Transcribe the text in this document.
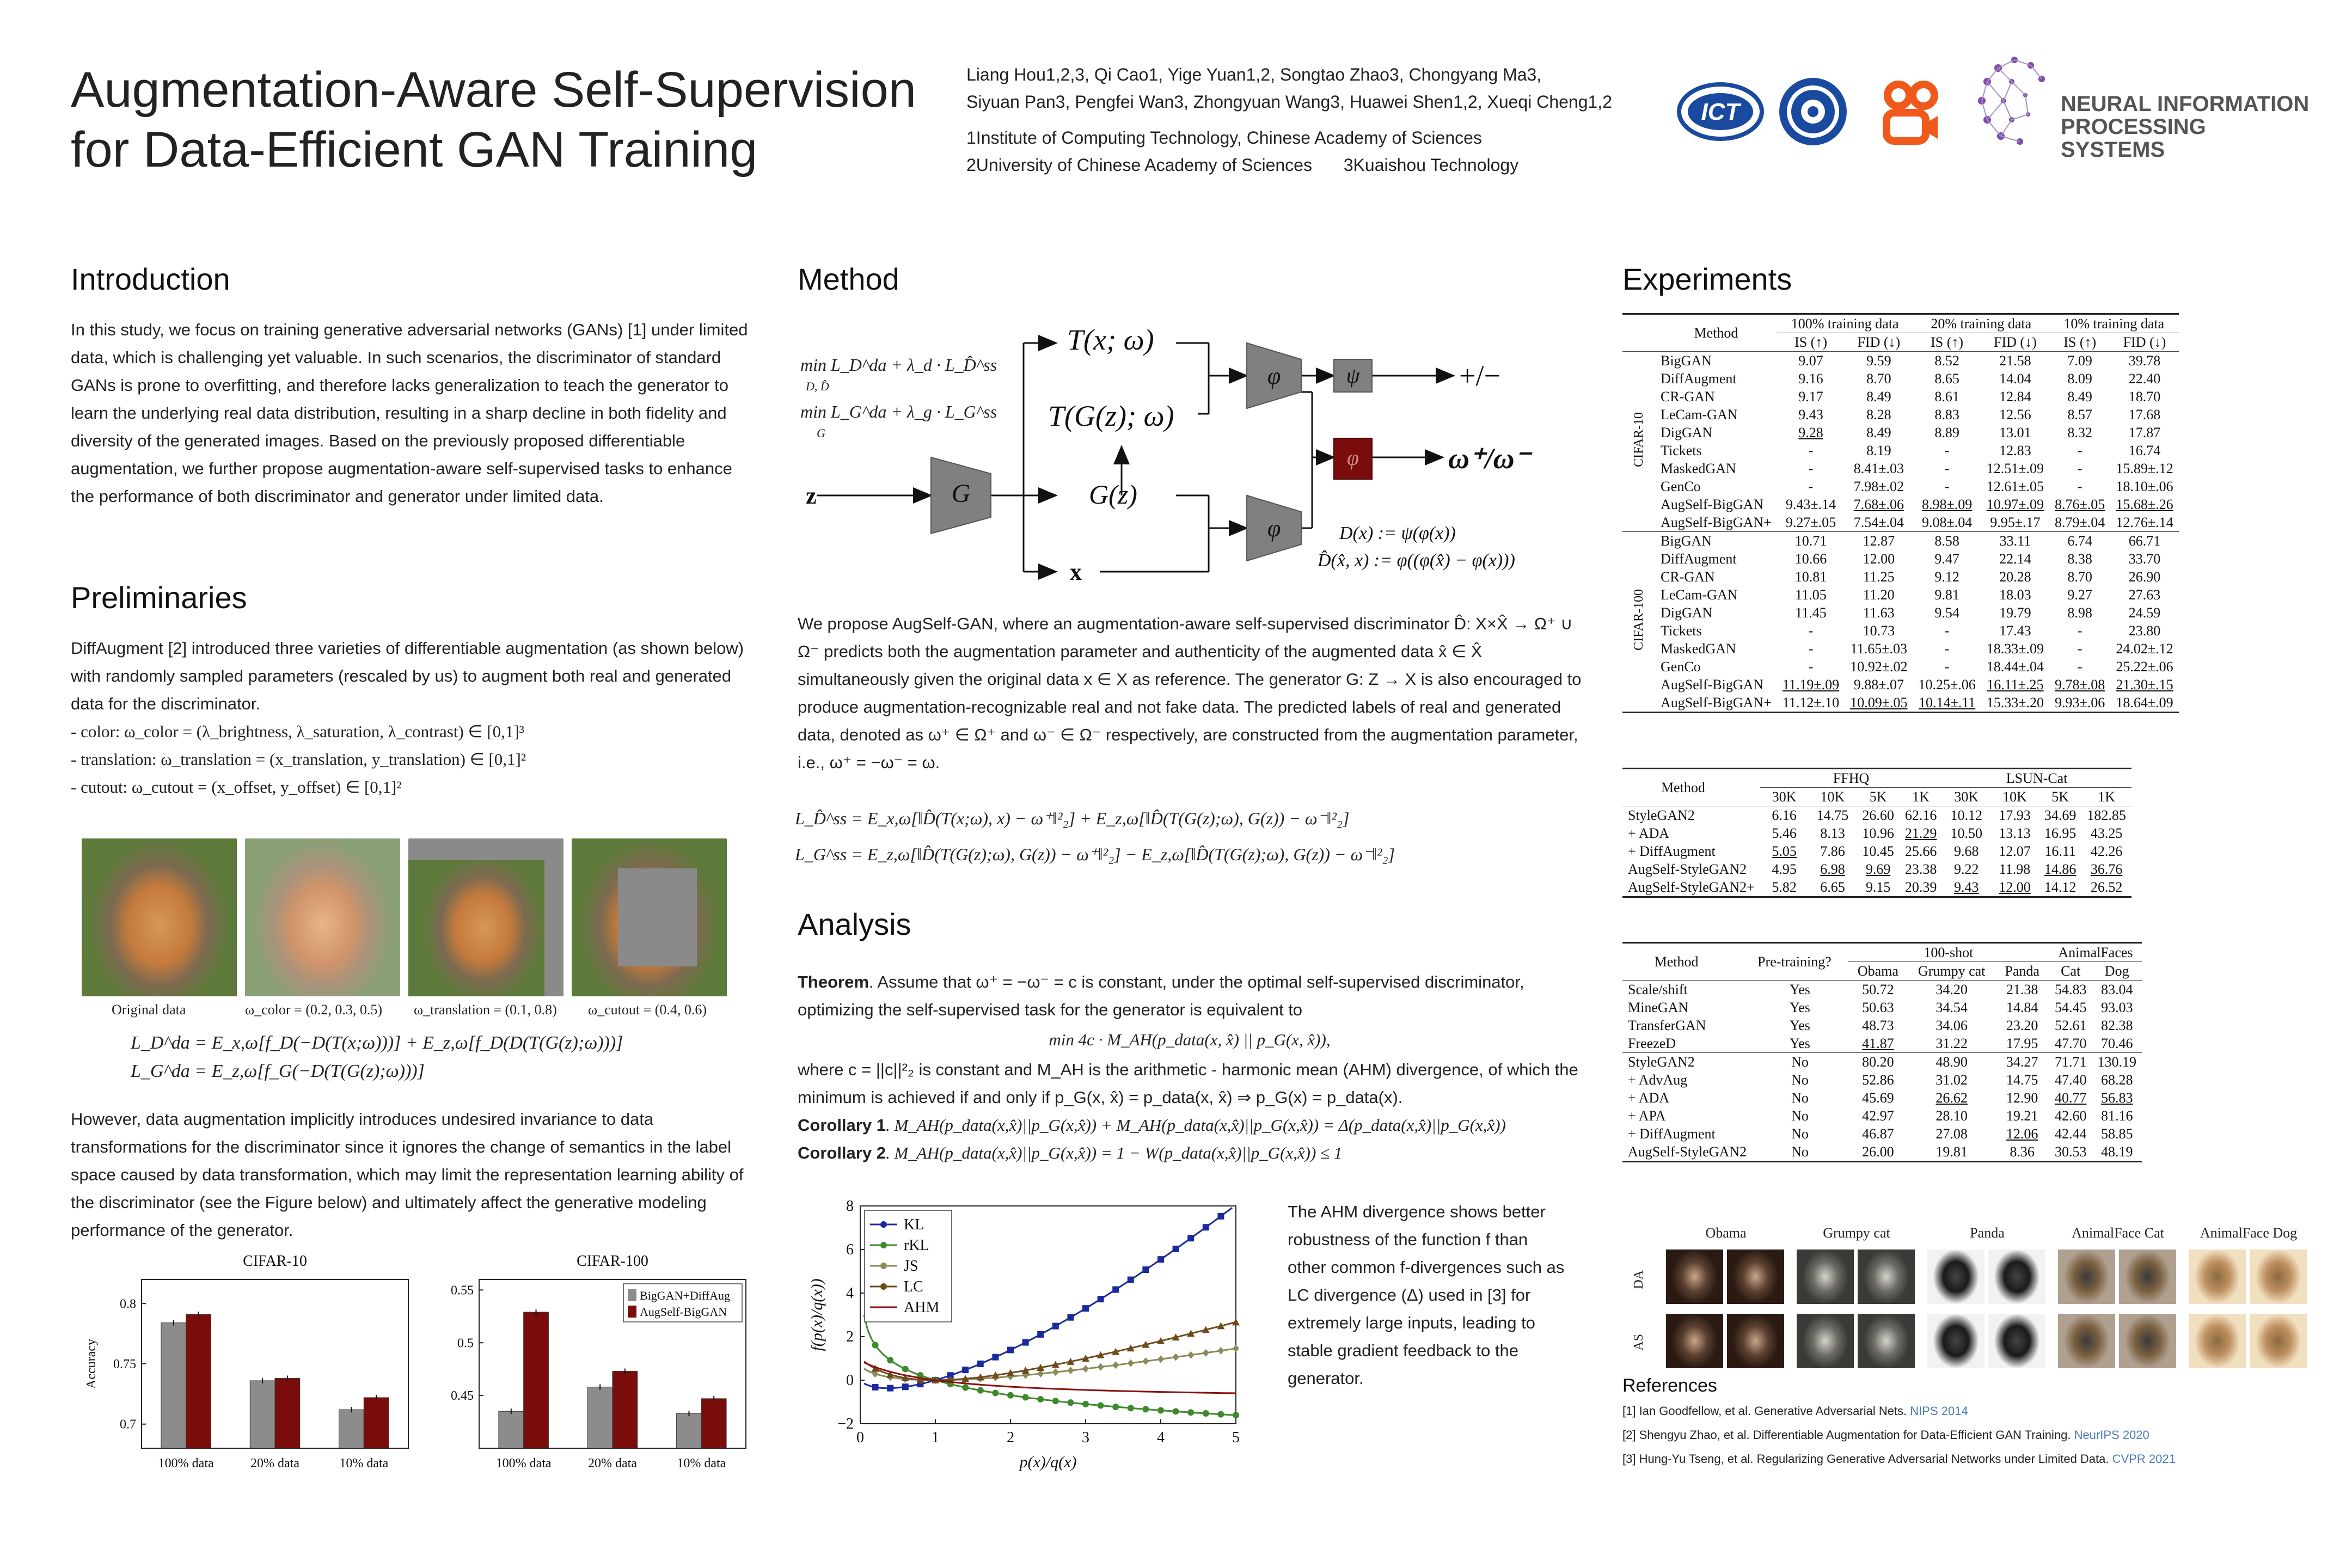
Augmentation-Aware Self-Supervision
for Data-Efficient GAN Training
Liang Hou1,2,3, Qi Cao1, Yige Yuan1,2, Songtao Zhao3, Chongyang Ma3,
Siyuan Pan3, Pengfei Wan3, Zhongyuan Wang3, Huawei Shen1,2, Xueqi Cheng1,2
1Institute of Computing Technology, Chinese Academy of Sciences
2University of Chinese Academy of Sciences 3Kuaishou Technology
ICT	NEURAL INFORMATION PROCESSING SYSTEMS
Introduction
In this study, we focus on training generative adversarial networks (GANs) [1] under limited data, which is challenging yet valuable. In such scenarios, the discriminator of standard GANs is prone to overfitting, and therefore lacks generalization to teach the generator to learn the underlying real data distribution, resulting in a sharp decline in both fidelity and diversity of the generated images. Based on the previously proposed differentiable augmentation, we further propose augmentation-aware self-supervised tasks to enhance the performance of both discriminator and generator under limited data.
Preliminaries

DiffAugment [2] introduced three varieties of differentiable augmentation (as shown below) with randomly sampled parameters (rescaled by us) to augment both real and generated data for the discriminator.

- color: ω_color = (λ_brightness, λ_saturation, λ_contrast) ∈ [0,1]³

- translation: ω_translation = (x_translation, y_translation) ∈ [0,1]²

- cutout: ω_cutout = (x_offset, y_offset) ∈ [0,1]²

Original data	ω_color = (0.2, 0.3, 0.5) ω_translation = (0.1, 0.8) ω_cutout = (0.4, 0.6)
L_D^da = E_x,ω[f_D(−D(T(x;ω)))] + E_z,ω[f_D(D(T(G(z);ω)))]
L_G^da = E_z,ω[f_G(−D(T(G(z);ω)))]
However, data augmentation implicitly introduces undesired invariance to data transformations for the discriminator since it ignores the change of semantics in the label space caused by data transformation, which may limit the representation learning ability of the discriminator (see the Figure below) and ultimately affect the generative modeling performance of the generator.
CIFAR-10
0.7
0.75
0.8
Accuracy
100% data	20% data	10% data
CIFAR-100
0.45
0.5
0.55
100% data	20% data	10% data
BigGAN+DiffAug
AugSelf-BigGAN
Method
min L_D^da + λ_d · L_D̂^ss
D, D̂
min L_G^da + λ_g · L_G^ss
G
G
φ
φ
ψ
φ
z
T(x; ω)
T(G(z); ω)
G(z)
x
+/−
ω⁺/ω⁻
D(x) := ψ(φ(x))
D̂(x̂, x) := φ((φ(x̂) − φ(x)))
We propose AugSelf-GAN, where an augmentation-aware self-supervised discriminator D̂: X×X̂ → Ω⁺ ∪ Ω⁻ predicts both the augmentation parameter and authenticity of the augmented data x̂ ∈ X̂ simultaneously given the original data x ∈ X as reference. The generator G: Z → X is also encouraged to produce augmentation-recognizable real and not fake data. The predicted labels of real and generated data, denoted as ω⁺ ∈ Ω⁺ and ω⁻ ∈ Ω⁻ respectively, are constructed from the augmentation parameter, i.e., ω⁺ = −ω⁻ = ω.
L_D̂^ss = E_x,ω[‖D̂(T(x;ω), x) − ω⁺‖²₂] + E_z,ω[‖D̂(T(G(z);ω), G(z)) − ω⁻‖²₂]
L_G^ss = E_z,ω[‖D̂(T(G(z);ω), G(z)) − ω⁺‖²₂] − E_z,ω[‖D̂(T(G(z);ω), G(z)) − ω⁻‖²₂]
Analysis

Theorem. Assume that ω⁺ = −ω⁻ = c is constant, under the optimal self-supervised discriminator, optimizing the self-supervised task for the generator is equivalent to

min 4c · M_AH(p_data(x, x̂) || p_G(x, x̂)),

where c = ||c||²₂ is constant and M_AH is the arithmetic - harmonic mean (AHM) divergence, of which the minimum is achieved if and only if p_G(x, x̂) = p_data(x, x̂) ⇒ p_G(x) = p_data(x).

Corollary 1. M_AH(p_data(x,x̂)||p_G(x,x̂)) + M_AH(p_data(x,x̂)||p_G(x,x̂)) = Δ(p_data(x,x̂)||p_G(x,x̂))

Corollary 2. M_AH(p_data(x,x̂)||p_G(x,x̂)) = 1 − W(p_data(x,x̂)||p_G(x,x̂)) ≤ 1

0	1	2	3	4	5
−2
0
2
4
6
8
p(x)/q(x)
f(p(x)/q(x))
KL
rKL
JS
LC
AHM
The AHM divergence shows better robustness of the function f than other common f-divergences such as LC divergence (Δ) used in [3] for extremely large inputs, leading to stable gradient feedback to the generator.
Experiments
Method		100% training data		20% training data		10% training data	
		IS (↑)	FID (↓)	IS (↑)	FID (↓)	IS (↑)	FID (↓)
CIFAR-10	BigGAN	9.07	9.59	8.52	21.58	7.09	39.78
	DiffAugment	9.16	8.70	8.65	14.04	8.09	22.40
	CR-GAN	9.17	8.49	8.61	12.84	8.49	18.70
	LeCam-GAN	9.43	8.28	8.83	12.56	8.57	17.68
	DigGAN	9.28	8.49	8.89	13.01	8.32	17.87
	Tickets	-	8.19	-	12.83	-	16.74
	MaskedGAN	-	8.41±.03	-	12.51±.09	-	15.89±.12
	GenCo	-	7.98±.02	-	12.61±.05	-	18.10±.06
	AugSelf-BigGAN	9.43±.14	7.68±.06	8.98±.09	10.97±.09	8.76±.05	15.68±.26
	AugSelf-BigGAN+	9.27±.05	7.54±.04	9.08±.04	9.95±.17	8.79±.04	12.76±.14
CIFAR-100	BigGAN	10.71	12.87	8.58	33.11	6.74	66.71
	DiffAugment	10.66	12.00	9.47	22.14	8.38	33.70
	CR-GAN	10.81	11.25	9.12	20.28	8.70	26.90
	LeCam-GAN	11.05	11.20	9.81	18.03	9.27	27.63
	DigGAN	11.45	11.63	9.54	19.79	8.98	24.59
	Tickets	-	10.73	-	17.43	-	23.80
	MaskedGAN	-	11.65±.03	-	18.33±.09	-	24.02±.12
	GenCo	-	10.92±.02	-	18.44±.04	-	25.22±.06
	AugSelf-BigGAN	11.19±.09	9.88±.07	10.25±.06	16.11±.25	9.78±.08	21.30±.15
	AugSelf-BigGAN+	11.12±.10	10.09±.05	10.14±.11	15.33±.20	9.93±.06	18.64±.09
Method	FFHQ				LSUN-Cat			
	30K	10K	5K	1K	30K	10K	5K	1K
StyleGAN2	6.16	14.75	26.60	62.16	10.12	17.93	34.69	182.85
+ ADA	5.46	8.13	10.96	21.29	10.50	13.13	16.95	43.25
+ DiffAugment	5.05	7.86	10.45	25.66	9.68	12.07	16.11	42.26
AugSelf-StyleGAN2	4.95	6.98	9.69	23.38	9.22	11.98	14.86	36.76
AugSelf-StyleGAN2+	5.82	6.65	9.15	20.39	9.43	12.00	14.12	26.52
Method	Pre-training?	100-shot			AnimalFaces	
		Obama	Grumpy cat	Panda	Cat	Dog
Scale/shift	Yes	50.72	34.20	21.38	54.83	83.04
MineGAN	Yes	50.63	34.54	14.84	54.45	93.03
TransferGAN	Yes	48.73	34.06	23.20	52.61	82.38
FreezeD	Yes	41.87	31.22	17.95	47.70	70.46
StyleGAN2	No	80.20	48.90	34.27	71.71	130.19
+ AdvAug	No	52.86	31.02	14.75	47.40	68.28
+ ADA	No	45.69	26.62	12.90	40.77	56.83
+ APA	No	42.97	28.10	19.21	42.60	81.16
+ DiffAugment	No	46.87	27.08	12.06	42.44	58.85
AugSelf-StyleGAN2	No	26.00	19.81	8.36	30.53	48.19
Obama	Grumpy cat	Panda	AnimalFace Cat	AnimalFace Dog
DA
AS
References
[1] Ian Goodfellow, et al. Generative Adversarial Nets. NIPS 2014
[2] Shengyu Zhao, et al. Differentiable Augmentation for Data-Efficient GAN Training. NeurIPS 2020
[3] Hung-Yu Tseng, et al. Regularizing Generative Adversarial Networks under Limited Data. CVPR 2021
